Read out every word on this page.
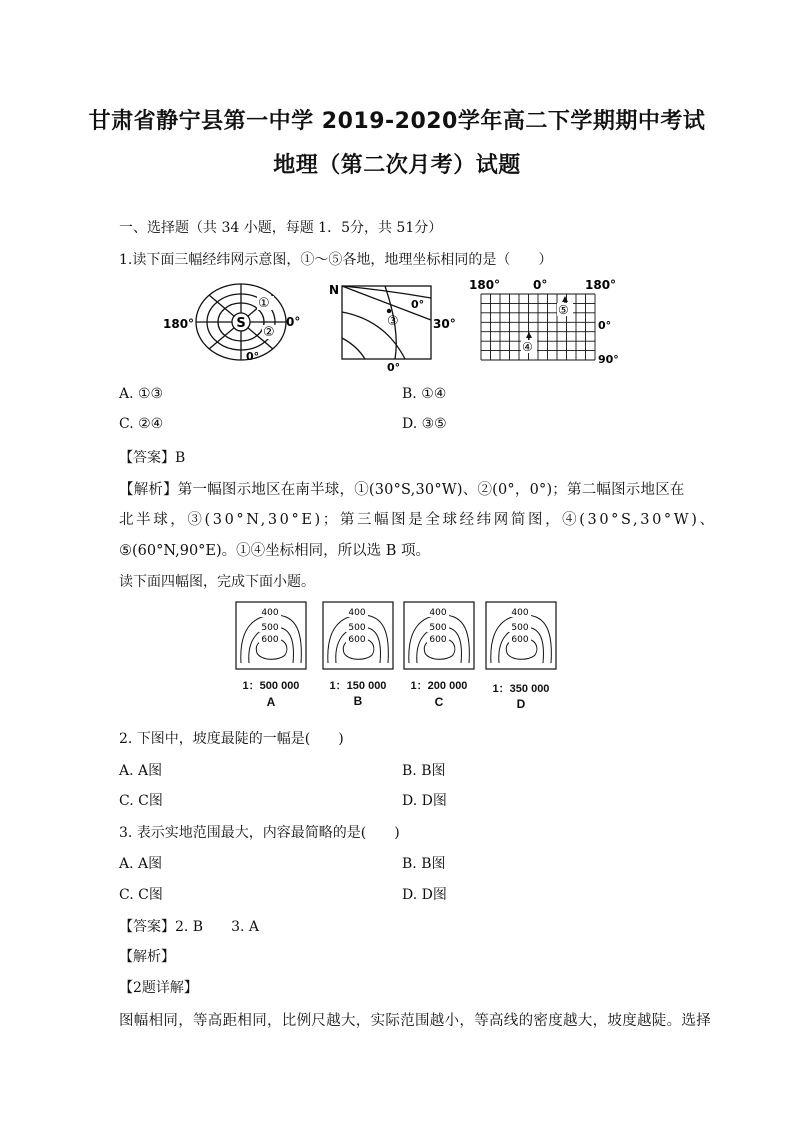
甘肃省静宁县第一中学 2019-2020学年高二下学期期中考试
地理（第二次月考）试题
一、选择题（共 34 小题，每题 1．5分，共 51分）
1.读下面三幅经纬网示意图，①～⑤各地，地理坐标相同的是（　　）
S
180°	0°
0°
①
②
N
0°
30°
0°
③
180°	0°	180°
0°
90°
⑤
④
A. ①③	B. ①④
C. ②④	D. ③⑤
【答案】B
【解析】第一幅图示地区在南半球，①(30°S,30°W)、②(0°，0°)；第二幅图示地区在
北半球，③(30°N,30°E)；第三幅图是全球经纬网简图，④(30°S,30°W)、
⑤(60°N,90°E)。①④坐标相同，所以选 B 项。
读下面四幅图，完成下面小题。
400
500
600
400
500
600
400
500
600
400
500
600
1：500 000	1：150 000	1：200 000	1：350 000
A	B	C	D
2. 下图中，坡度最陡的一幅是(　　)
A. A图	B. B图
C. C图	D. D图
3. 表示实地范围最大，内容最简略的是(　　)
A. A图	B. B图
C. C图	D. D图
【答案】2. B　　3. A
【解析】
【2题详解】
图幅相同，等高距相同，比例尺越大，实际范围越小，等高线的密度越大，坡度越陡。选择
